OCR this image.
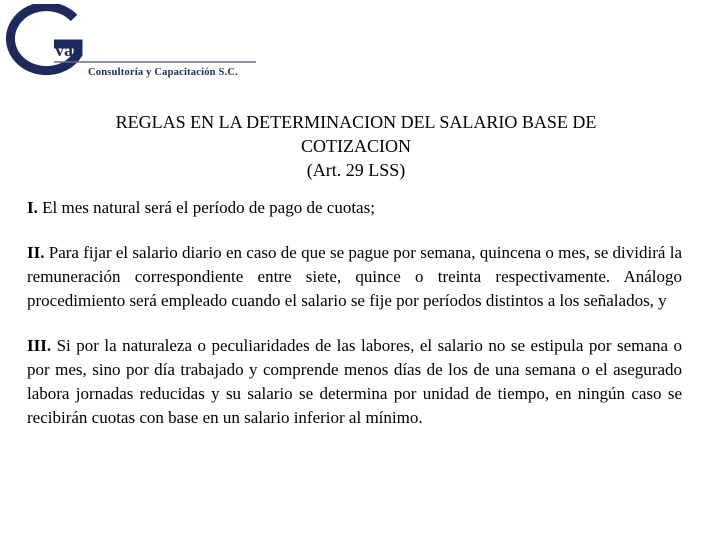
va
Consultoría y Capacitación S.C.
REGLAS EN LA DETERMINACION DEL SALARIO BASE DE
COTIZACION
(Art. 29 LSS)

I. El mes natural será el período de pago de cuotas;

II. Para fijar el salario diario en caso de que se pague por semana, quincena o mes, se dividirá la remuneración correspondiente entre siete, quince o treinta respectivamente. Análogo procedimiento será empleado cuando el salario se fije por períodos distintos a los señalados, y

III. Si por la naturaleza o peculiaridades de las labores, el salario no se estipula por semana o por mes, sino por día trabajado y comprende menos días de los de una semana o el asegurado labora jornadas reducidas y su salario se determina por unidad de tiempo, en ningún caso se recibirán cuotas con base en un salario inferior al mínimo.
